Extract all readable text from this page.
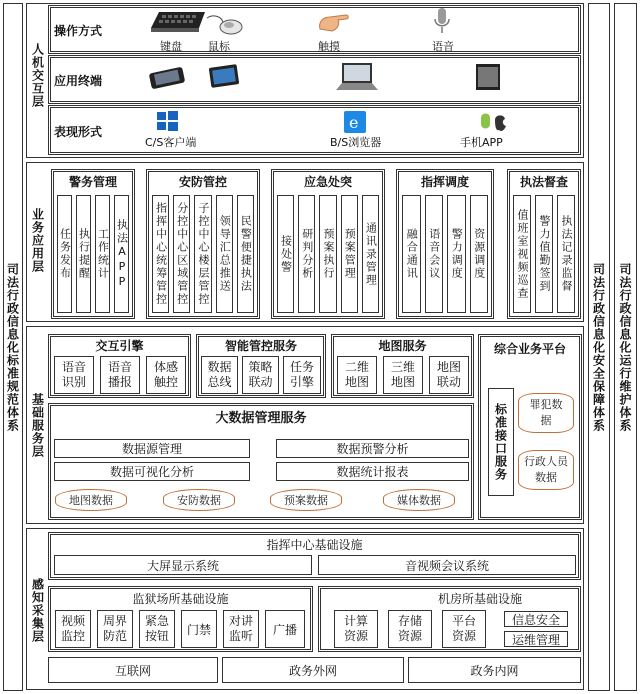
司法行政信息化标准规范体系	司法行政信息化安全保障体系 司法行政信息化运行维护体系
人机交互层
操作方式
键盘 鼠标	触摸	语音
应用终端
表现形式
C/S客户端
e
B/S浏览器	手机APP
业务应用层
警务管理
任务发布 执行提醒 工作统计 执法APP
安防管控
指挥中心统筹管控 分控中心区域管控 子控中心楼层管控 领导汇总推送 民警便捷执法
应急处突
接处警 研判分析 预案执行 预案管理 通讯录管理
指挥调度
融合通讯 语音会议 警力调度 资源调度
执法督查
值班室视频巡查 警力值勤签到 执法记录监督
基础服务层
交互引擎
语音识别
语音播报
体感触控
智能管控服务
数据总线
策略联动
任务引擎
地图服务
二维地图
三维地图
地图联动
大数据管理服务
数据源管理	数据预警分析
数据可视化分析	数据统计报表
地图数据	安防数据	预案数据	媒体数据
综合业务平台
标准接口服务 罪犯数据
行政人员数据
感知采集层
指挥中心基础设施
大屏显示系统	音视频会议系统
监狱场所基础设施
视频监控
周界防范
紧急按钮 门禁
对讲监听 广播
机房所基础设施
计算资源
存储资源
平台资源
信息安全
运维管理
互联网	政务外网	政务内网
